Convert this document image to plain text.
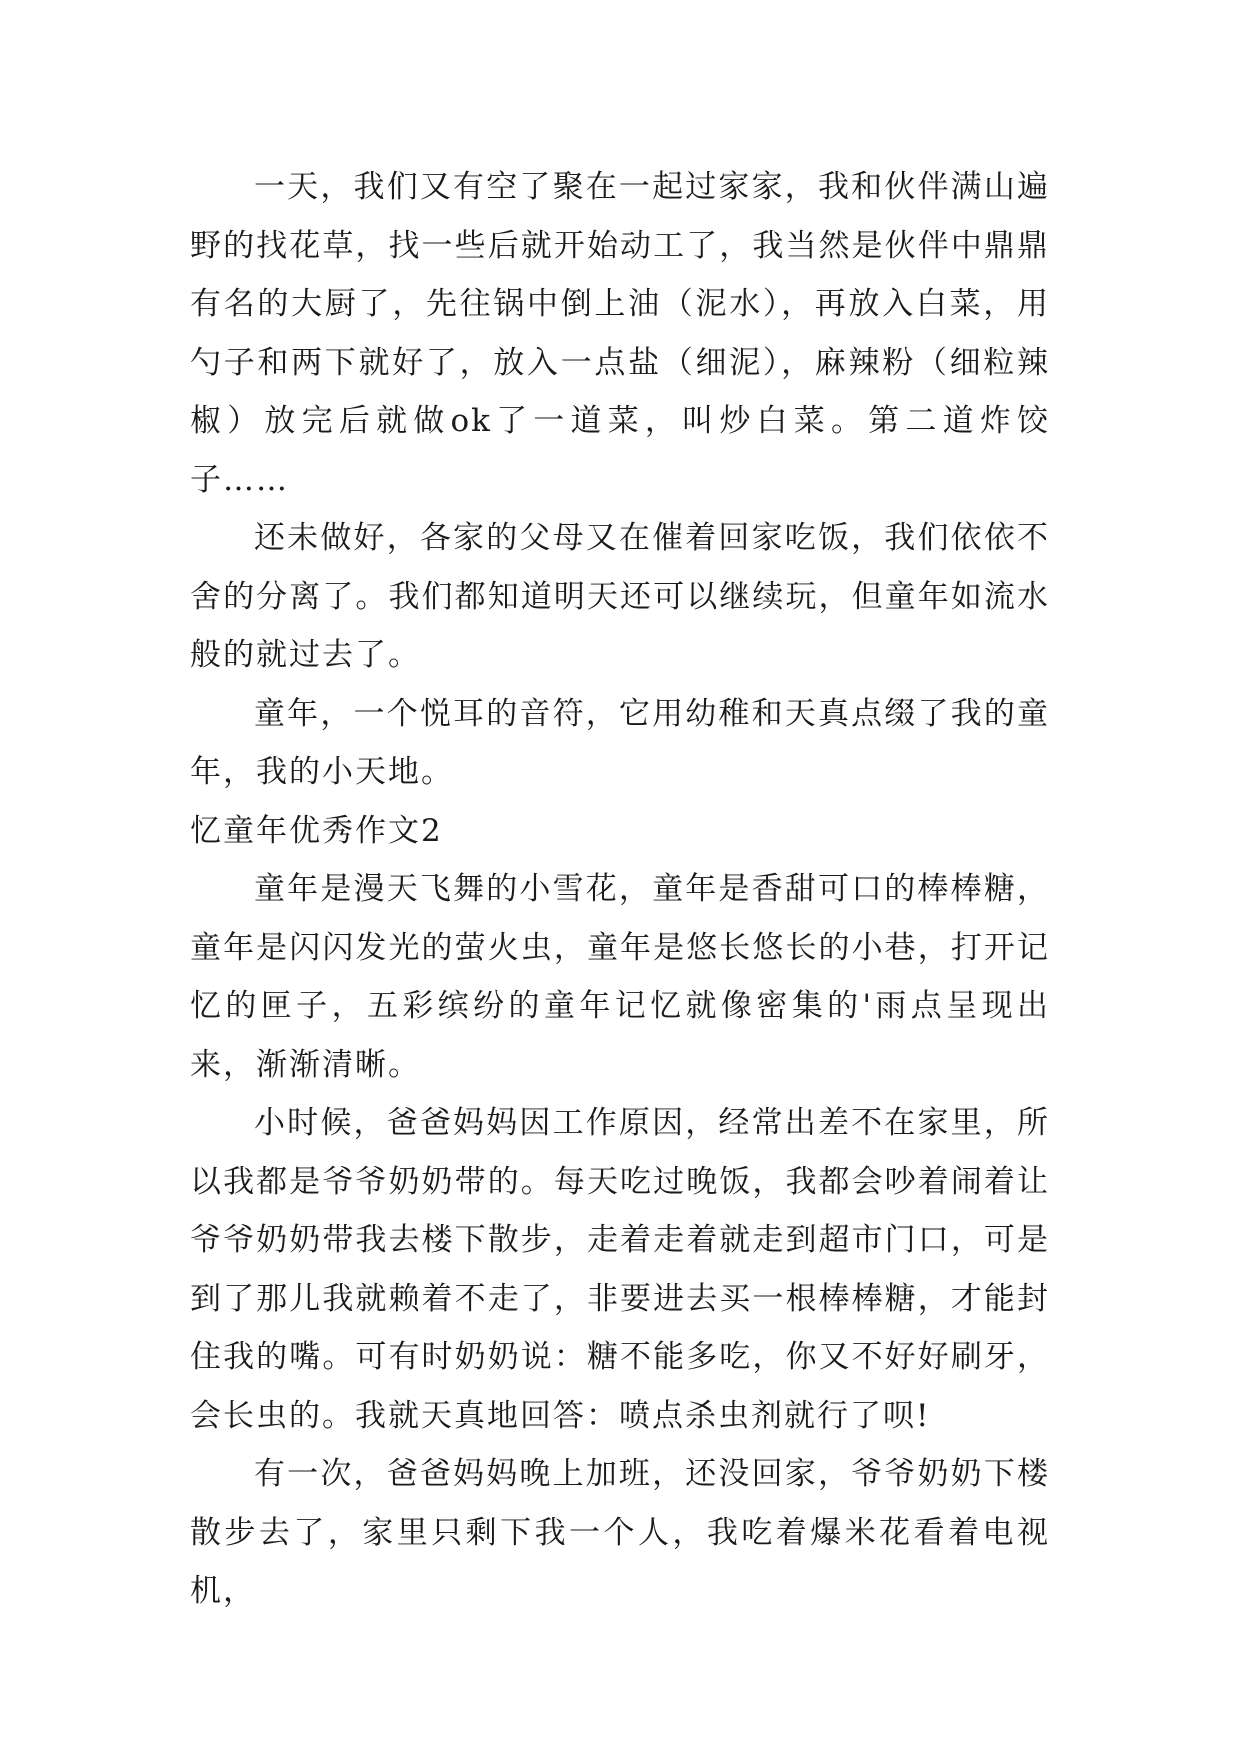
一天，我们又有空了聚在一起过家家，我和伙伴满山遍野的找花草，找一些后就开始动工了，我当然是伙伴中鼎鼎有名的大厨了，先往锅中倒上油（泥水），再放入白菜，用勺子和两下就好了，放入一点盐（细泥），麻辣粉（细粒辣椒）放完后就做ok了一道菜，叫炒白菜。第二道炸饺子……

还未做好，各家的父母又在催着回家吃饭，我们依依不舍的分离了。我们都知道明天还可以继续玩，但童年如流水般的就过去了。

童年，一个悦耳的音符，它用幼稚和天真点缀了我的童年，我的小天地。

忆童年优秀作文2

童年是漫天飞舞的小雪花，童年是香甜可口的棒棒糖，童年是闪闪发光的萤火虫，童年是悠长悠长的小巷，打开记忆的匣子，五彩缤纷的童年记忆就像密集的'雨点呈现出来，渐渐清晰。

小时候，爸爸妈妈因工作原因，经常出差不在家里，所以我都是爷爷奶奶带的。每天吃过晚饭，我都会吵着闹着让爷爷奶奶带我去楼下散步，走着走着就走到超市门口，可是到了那儿我就赖着不走了，非要进去买一根棒棒糖，才能封住我的嘴。可有时奶奶说：糖不能多吃，你又不好好刷牙，会长虫的。我就天真地回答：喷点杀虫剂就行了呗!

有一次，爸爸妈妈晚上加班，还没回家，爷爷奶奶下楼散步去了，家里只剩下我一个人，我吃着爆米花看着电视机，
